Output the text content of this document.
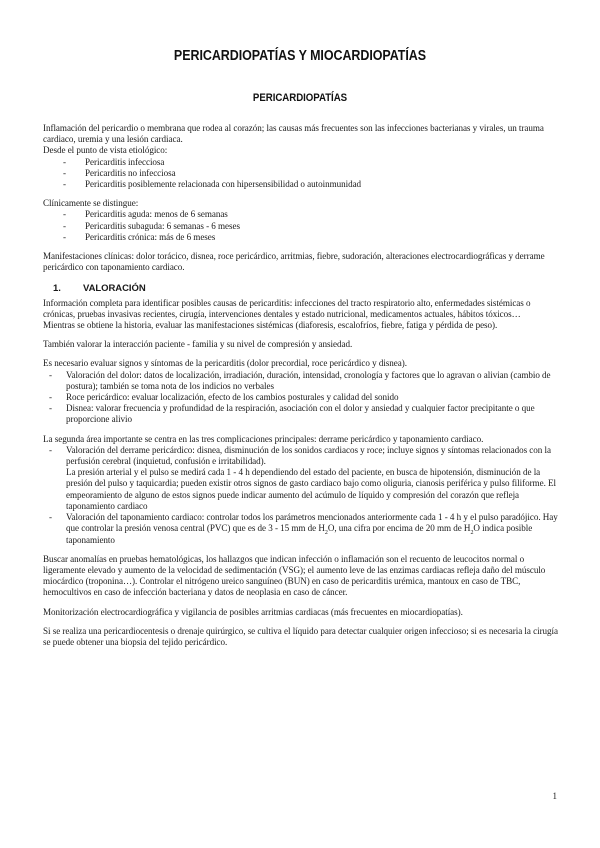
PERICARDIOPATÍAS Y MIOCARDIOPATÍAS
PERICARDIOPATÍAS

Inflamación del pericardio o membrana que rodea al corazón; las causas más frecuentes son las infecciones bacterianas y virales, un trauma cardiaco, uremia y una lesión cardiaca.

Desde el punto de vista etiológico:

- Pericarditis infecciosa
- Pericarditis no infecciosa
- Pericarditis posiblemente relacionada con hipersensibilidad o autoinmunidad

Clínicamente se distingue:

- Pericarditis aguda: menos de 6 semanas
- Pericarditis subaguda: 6 semanas - 6 meses
- Pericarditis crónica: más de 6 meses

Manifestaciones clínicas: dolor torácico, disnea, roce pericárdico, arritmias, fiebre, sudoración, alteraciones electrocardiográficas y derrame pericárdico con taponamiento cardiaco.

1. VALORACIÓN

Información completa para identificar posibles causas de pericarditis: infecciones del tracto respiratorio alto, enfermedades sistémicas o crónicas, pruebas invasivas recientes, cirugía, intervenciones dentales y estado nutricional, medicamentos actuales, hábitos tóxicos…

Mientras se obtiene la historia, evaluar las manifestaciones sistémicas (diaforesis, escalofríos, fiebre, fatiga y pérdida de peso).

También valorar la interacción paciente - familia y su nivel de compresión y ansiedad.

Es necesario evaluar signos y síntomas de la pericarditis (dolor precordial, roce pericárdico y disnea).

- Valoración del dolor: datos de localización, irradiación, duración, intensidad, cronología y factores que lo agravan o alivian (cambio de postura); también se toma nota de los indicios no verbales
- Roce pericárdico: evaluar localización, efecto de los cambios posturales y calidad del sonido
- Disnea: valorar frecuencia y profundidad de la respiración, asociación con el dolor y ansiedad y cualquier factor precipitante o que proporcione alivio

La segunda área importante se centra en las tres complicaciones principales: derrame pericárdico y taponamiento cardiaco.

- Valoración del derrame pericárdico: disnea, disminución de los sonidos cardiacos y roce; incluye signos y síntomas relacionados con la perfusión cerebral (inquietud, confusión e irritabilidad).
La presión arterial y el pulso se medirá cada 1 - 4 h dependiendo del estado del paciente, en busca de hipotensión, disminución de la presión del pulso y taquicardia; pueden existir otros signos de gasto cardiaco bajo como oliguria, cianosis periférica y pulso filiforme. El empeoramiento de alguno de estos signos puede indicar aumento del acúmulo de líquido y compresión del corazón que refleja taponamiento cardiaco
- Valoración del taponamiento cardiaco: controlar todos los parámetros mencionados anteriormente cada 1 - 4 h y el pulso paradójico. Hay que controlar la presión venosa central (PVC) que es de 3 - 15 mm de $H_2O$, una cifra por encima de 20 mm de $H_2O$ indica posible taponamiento

Buscar anomalías en pruebas hematológicas, los hallazgos que indican infección o inflamación son el recuento de leucocitos normal o ligeramente elevado y aumento de la velocidad de sedimentación (VSG); el aumento leve de las enzimas cardiacas refleja daño del músculo miocárdico (troponina…). Controlar el nitrógeno ureico sanguíneo (BUN) en caso de pericarditis urémica, mantoux en caso de TBC, hemocultivos en caso de infección bacteriana y datos de neoplasia en caso de cáncer.

Monitorización electrocardiográfica y vigilancia de posibles arritmias cardiacas (más frecuentes en miocardiopatías).

Si se realiza una pericardiocentesis o drenaje quirúrgico, se cultiva el líquido para detectar cualquier origen infeccioso; si es necesaria la cirugía se puede obtener una biopsia del tejido pericárdico.

1
